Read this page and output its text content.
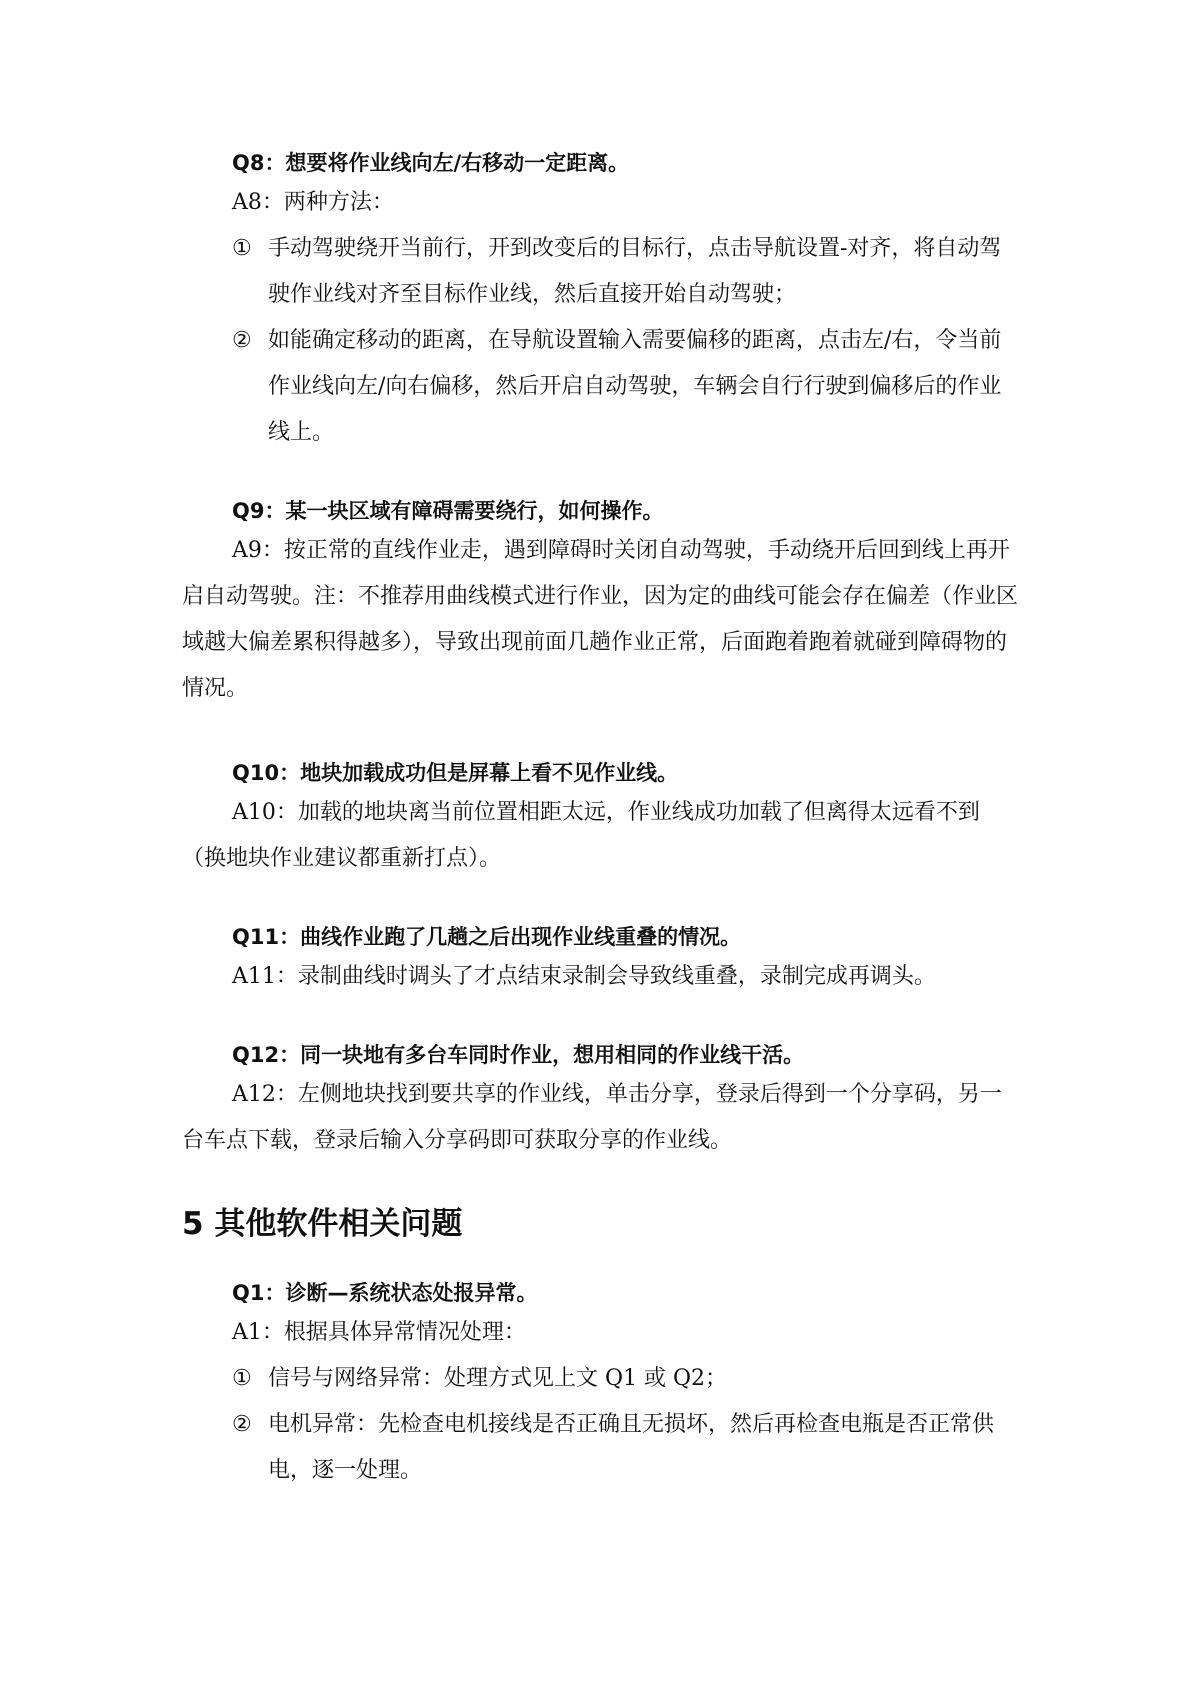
Q8：想要将作业线向左/右移动一定距离。
A8：两种方法：
① 手动驾驶绕开当前行，开到改变后的目标行，点击导航设置-对齐，将自动驾驶作业线对齐至目标作业线，然后直接开始自动驾驶；
② 如能确定移动的距离，在导航设置输入需要偏移的距离，点击左/右，令当前作业线向左/向右偏移，然后开启自动驾驶，车辆会自行行驶到偏移后的作业线上。
Q9：某一块区域有障碍需要绕行，如何操作。
A9：按正常的直线作业走，遇到障碍时关闭自动驾驶，手动绕开后回到线上再开启自动驾驶。注：不推荐用曲线模式进行作业，因为定的曲线可能会存在偏差（作业区域越大偏差累积得越多），导致出现前面几趟作业正常，后面跑着跑着就碰到障碍物的情况。
Q10：地块加载成功但是屏幕上看不见作业线。
A10：加载的地块离当前位置相距太远，作业线成功加载了但离得太远看不到（换地块作业建议都重新打点）。
Q11：曲线作业跑了几趟之后出现作业线重叠的情况。
A11：录制曲线时调头了才点结束录制会导致线重叠，录制完成再调头。
Q12：同一块地有多台车同时作业，想用相同的作业线干活。
A12：左侧地块找到要共享的作业线，单击分享，登录后得到一个分享码，另一台车点下载，登录后输入分享码即可获取分享的作业线。
5 其他软件相关问题
Q1：诊断—系统状态处报异常。
A1：根据具体异常情况处理：
① 信号与网络异常：处理方式见上文 Q1 或 Q2；
② 电机异常：先检查电机接线是否正确且无损坏，然后再检查电瓶是否正常供电，逐一处理。
